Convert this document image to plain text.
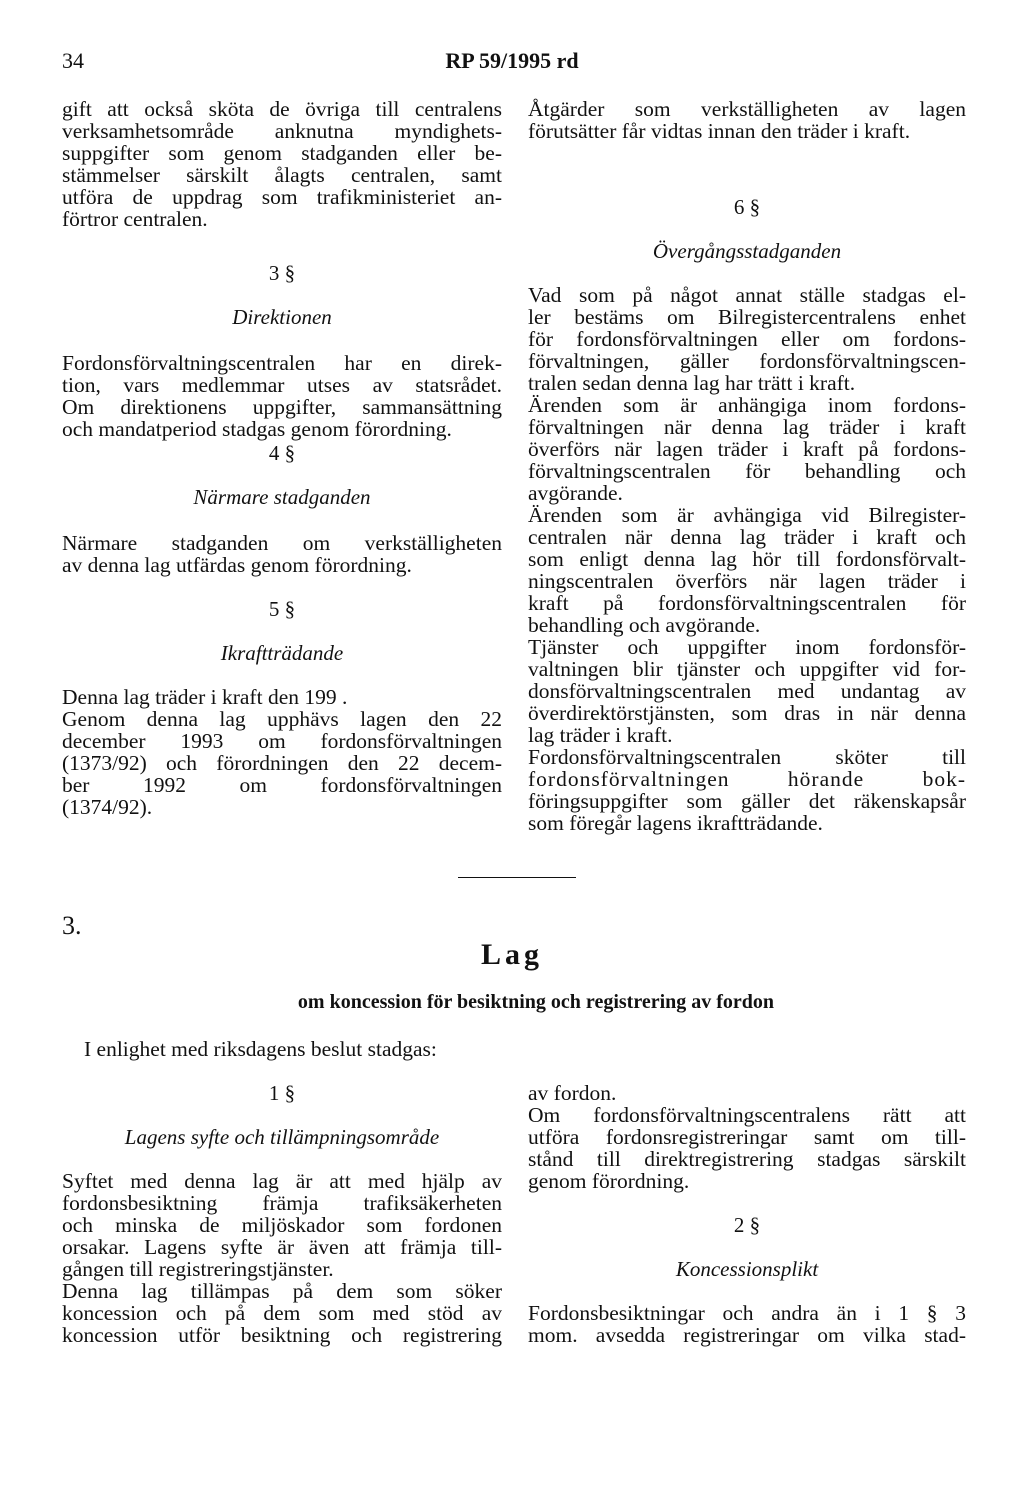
34	RP 59/1995 rd
gift att också sköta de övriga till centralens
verksamhetsområde anknutna myndighets-
suppgifter som genom stadganden eller be-
stämmelser särskilt ålagts centralen, samt
utföra de uppdrag som trafikministeriet an-
förtror centralen.
3 §
Direktionen
Fordonsförvaltningscentralen har en direk-
tion, vars medlemmar utses av statsrådet.
Om direktionens uppgifter, sammansättning
och mandatperiod stadgas genom förordning.
4 §
Närmare stadganden
Närmare stadganden om verkställigheten
av denna lag utfärdas genom förordning.
5 §
Ikraftträdande
Denna lag träder i kraft den 199 .
Genom denna lag upphävs lagen den 22
december 1993 om fordonsförvaltningen
(1373/92) och förordningen den 22 decem-
ber 1992 om fordonsförvaltningen
(1374/92).
Åtgärder som verkställigheten av lagen
förutsätter får vidtas innan den träder i kraft.
6 §
Övergångsstadganden
Vad som på något annat ställe stadgas el-
ler bestäms om Bilregistercentralens enhet
för fordonsförvaltningen eller om fordons-
förvaltningen, gäller fordonsförvaltningscen-
tralen sedan denna lag har trätt i kraft.
Ärenden som är anhängiga inom fordons-
förvaltningen när denna lag träder i kraft
överförs när lagen träder i kraft på fordons-
förvaltningscentralen för behandling och
avgörande.
Ärenden som är avhängiga vid Bilregister-
centralen när denna lag träder i kraft och
som enligt denna lag hör till fordonsförvalt-
ningscentralen överförs när lagen träder i
kraft på fordonsförvaltningscentralen för
behandling och avgörande.
Tjänster och uppgifter inom fordonsför-
valtningen blir tjänster och uppgifter vid for-
donsförvaltningscentralen med undantag av
överdirektörstjänsten, som dras in när denna
lag träder i kraft.
Fordonsförvaltningscentralen sköter till
fordonsförvaltningen hörande bok-
föringsuppgifter som gäller det räkenskapsår
som föregår lagens ikraftträdande.
3.
Lag
om koncession för besiktning och registrering av fordon
I enlighet med riksdagens beslut stadgas:
1 §
Lagens syfte och tillämpningsområde
Syftet med denna lag är att med hjälp av
fordonsbesiktning främja trafiksäkerheten
och minska de miljöskador som fordonen
orsakar. Lagens syfte är även att främja till-
gången till registreringstjänster.
Denna lag tillämpas på dem som söker
koncession och på dem som med stöd av
koncession utför besiktning och registrering
av fordon.
Om fordonsförvaltningscentralens rätt att
utföra fordonsregistreringar samt om till-
stånd till direktregistrering stadgas särskilt
genom förordning.
2 §
Koncessionsplikt
Fordonsbesiktningar och andra än i 1 § 3
mom. avsedda registreringar om vilka stad-
